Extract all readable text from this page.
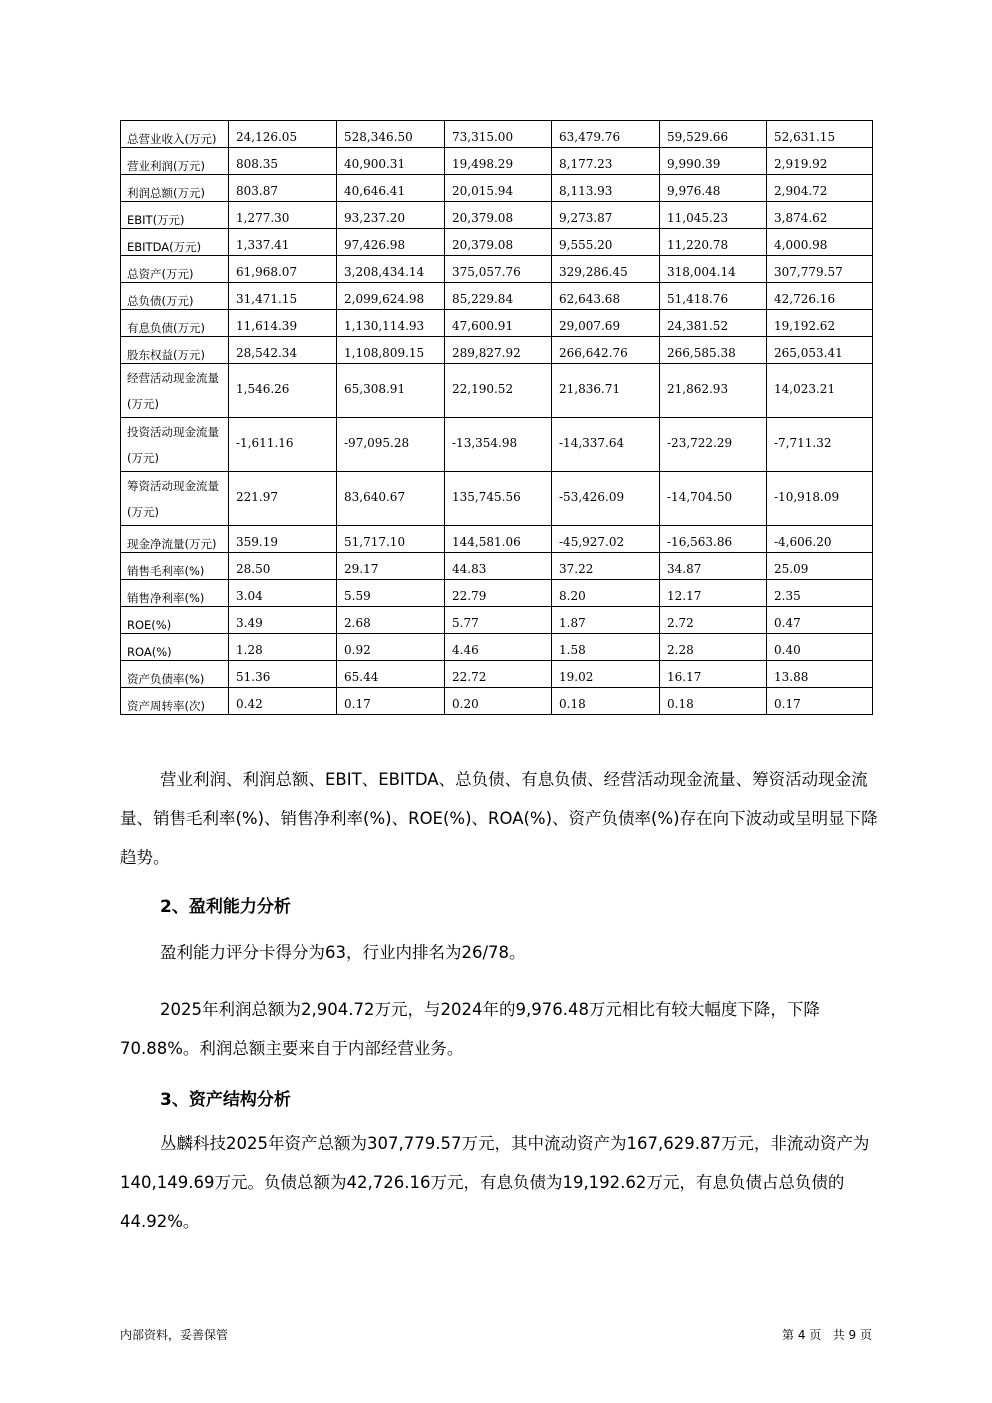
总营业收入(万元)	24,126.05	528,346.50	73,315.00	63,479.76	59,529.66	52,631.15

营业利润(万元)	808.35	40,900.31	19,498.29	8,177.23	9,990.39	2,919.92

利润总额(万元)	803.87	40,646.41	20,015.94	8,113.93	9,976.48	2,904.72

EBIT(万元)	1,277.30	93,237.20	20,379.08	9,273.87	11,045.23	3,874.62

EBITDA(万元)	1,337.41	97,426.98	20,379.08	9,555.20	11,220.78	4,000.98

总资产(万元)	61,968.07	3,208,434.14	375,057.76	329,286.45	318,004.14	307,779.57

总负债(万元)	31,471.15	2,099,624.98	85,229.84	62,643.68	51,418.76	42,726.16

有息负债(万元)	11,614.39	1,130,114.93	47,600.91	29,007.69	24,381.52	19,192.62

股东权益(万元)	28,542.34	1,108,809.15	289,827.92	266,642.76	266,585.38	265,053.41

经营活动现金流量(万元)	1,546.26	65,308.91	22,190.52	21,836.71	21,862.93	14,023.21

投资活动现金流量(万元)	-1,611.16	-97,095.28	-13,354.98	-14,337.64	-23,722.29	-7,711.32

筹资活动现金流量(万元)	221.97	83,640.67	135,745.56	-53,426.09	-14,704.50	-10,918.09

现金净流量(万元)	359.19	51,717.10	144,581.06	-45,927.02	-16,563.86	-4,606.20

销售毛利率(%)	28.50	29.17	44.83	37.22	34.87	25.09

销售净利率(%)	3.04	5.59	22.79	8.20	12.17	2.35

ROE(%)	3.49	2.68	5.77	1.87	2.72	0.47

ROA(%)	1.28	0.92	4.46	1.58	2.28	0.40

资产负债率(%)	51.36	65.44	22.72	19.02	16.17	13.88

资产周转率(次)	0.42	0.17	0.20	0.18	0.18	0.17
营业利润、利润总额、EBIT、EBITDA、总负债、有息负债、经营活动现金流量、筹资活动现金流量、销售毛利率(%)、销售净利率(%)、ROE(%)、ROA(%)、资产负债率(%)存在向下波动或呈明显下降趋势。
2、盈利能力分析
盈利能力评分卡得分为63，行业内排名为26/78。
2025年利润总额为2,904.72万元，与2024年的9,976.48万元相比有较大幅度下降，下降70.88%。利润总额主要来自于内部经营业务。
3、资产结构分析
丛麟科技2025年资产总额为307,779.57万元，其中流动资产为167,629.87万元，非流动资产为140,149.69万元。负债总额为42,726.16万元，有息负债为19,192.62万元，有息负债占总负债的44.92%。
内部资料，妥善保管	第 4 页   共 9 页
